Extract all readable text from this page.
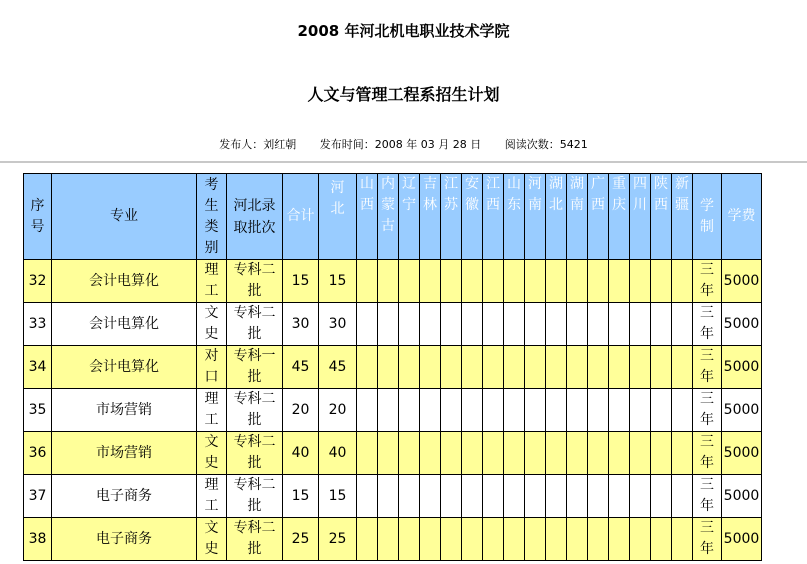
2008 年河北机电职业技术学院
人文与管理工程系招生计划
发布人：刘红朝 发布时间：2008 年 03 月 28 日 阅读次数：5421
序号	专业	考生类别	河北录取批次	合计	河北	山西	内蒙古	辽宁	吉林	江苏	安徽	江西	山东	河南	湖北	湖南	广西	重庆	四川	陕西	新疆	学制	学费
32	会计电算化	理工	专科二批	15	15																	三年	5000
33	会计电算化	文史	专科二批	30	30																	三年	5000
34	会计电算化	对口	专科一批	45	45																	三年	5000
35	市场营销	理工	专科二批	20	20																	三年	5000
36	市场营销	文史	专科二批	40	40																	三年	5000
37	电子商务	理工	专科二批	15	15																	三年	5000
38	电子商务	文史	专科二批	25	25																	三年	5000
